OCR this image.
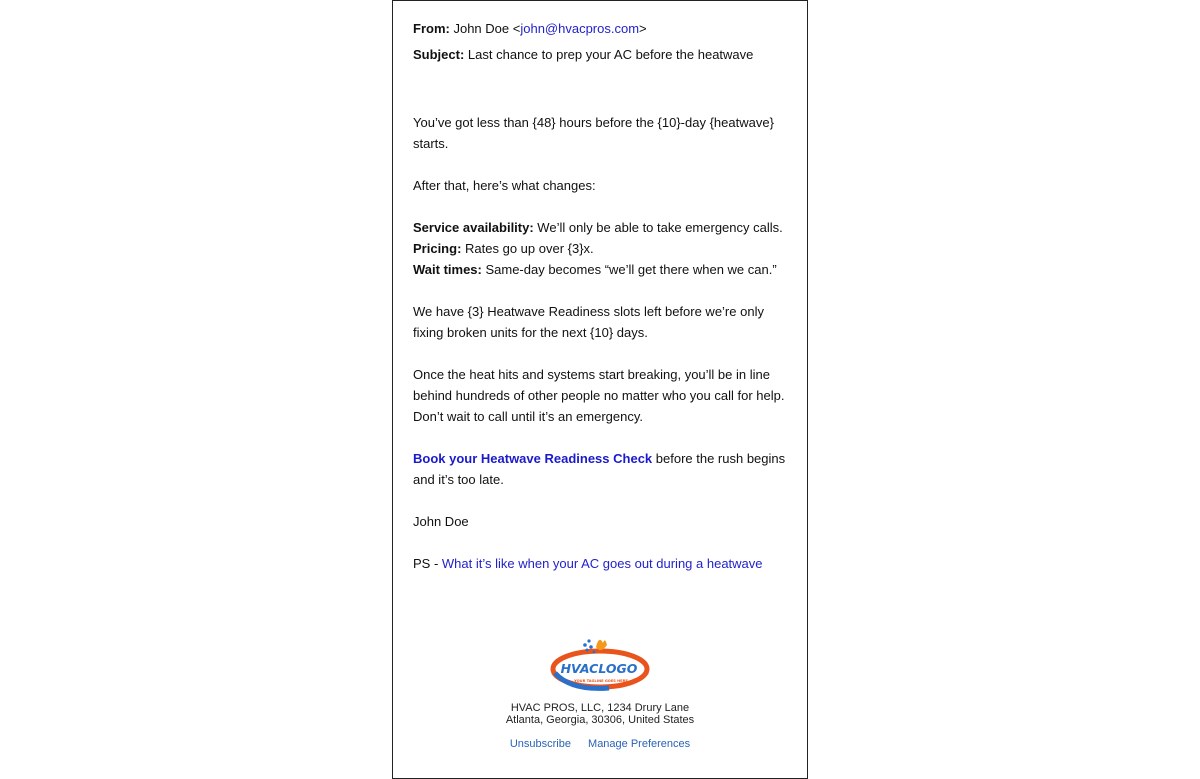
From: John Doe <john@hvacpros.com>
Subject: Last chance to prep your AC before the heatwave
You’ve got less than {48} hours before the {10}-day {heatwave} starts.
After that, here’s what changes:
Service availability: We’ll only be able to take emergency calls.
Pricing: Rates go up over {3}x.
Wait times: Same-day becomes “we’ll get there when we can.”
We have {3} Heatwave Readiness slots left before we’re only fixing broken units for the next {10} days.
Once the heat hits and systems start breaking, you’ll be in line behind hundreds of other people no matter who you call for help. Don’t wait to call until it’s an emergency.
Book your Heatwave Readiness Check before the rush begins and it’s too late.
John Doe
PS - What it’s like when your AC goes out during a heatwave
HVACLOGO
YOUR TAGLINE GOES HERE
HVAC PROS, LLC, 1234 Drury Lane
Atlanta, Georgia, 30306, United States
Unsubscribe Manage Preferences
